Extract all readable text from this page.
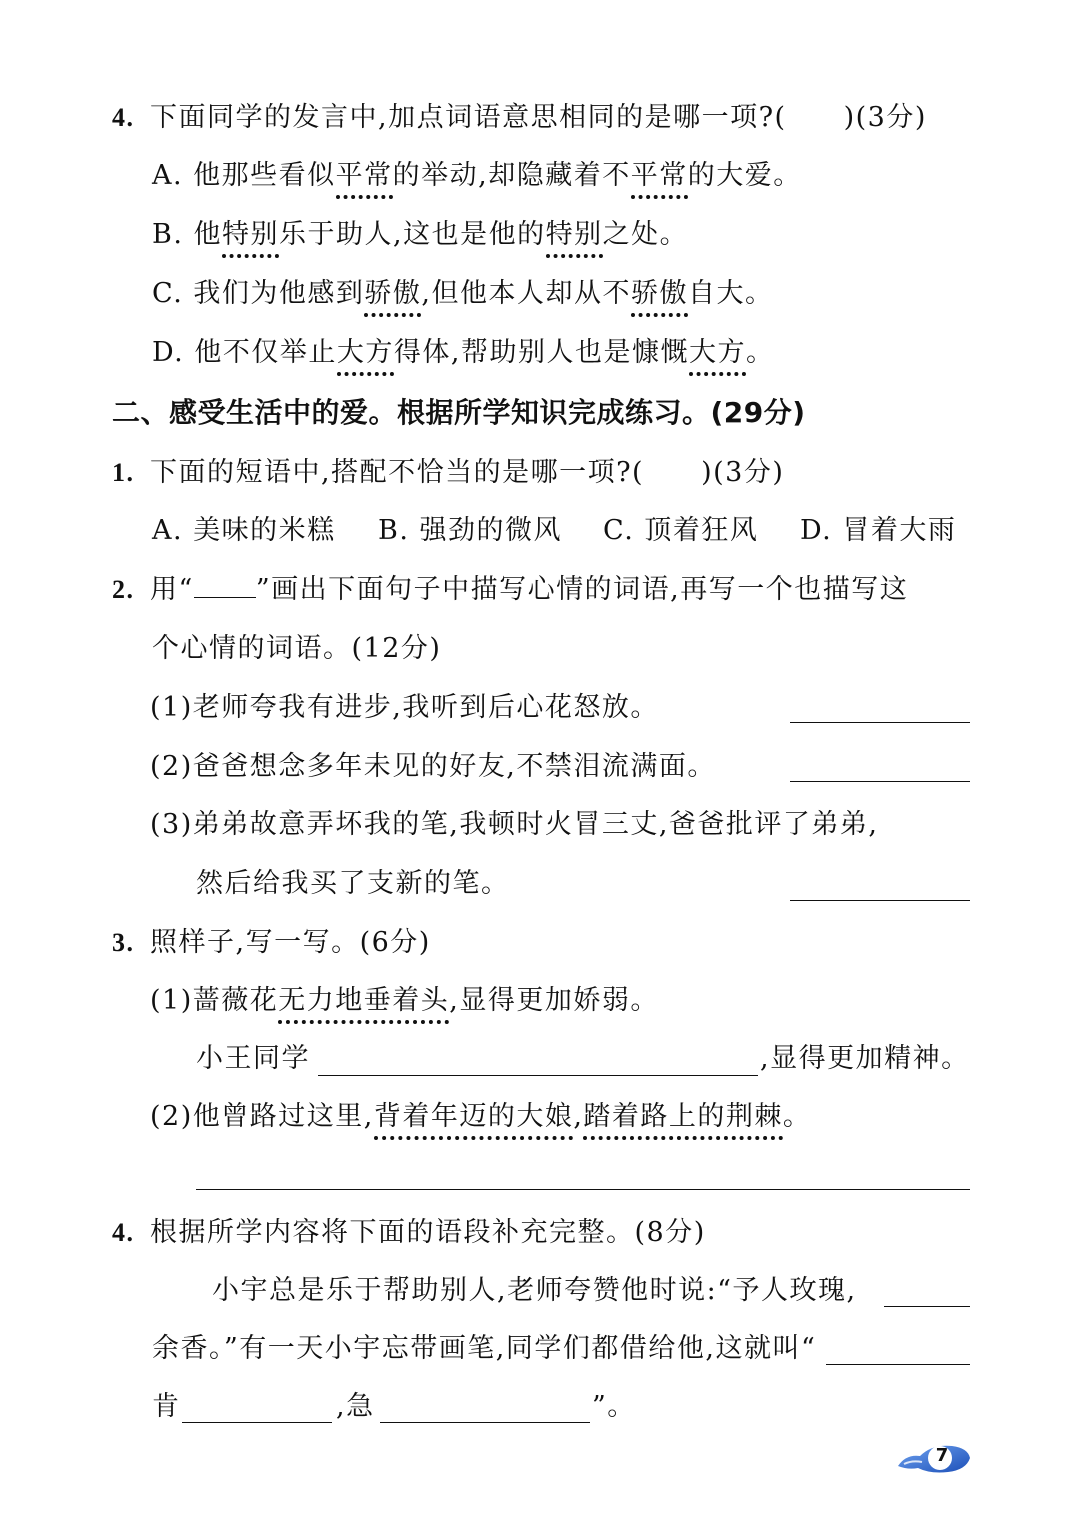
4. 下面同学的发言中,加点词语意思相同的是哪一项?(　　)(3分)
A. 他那些看似平常的举动,却隐藏着不平常的大爱。
B. 他特别乐于助人,这也是他的特别之处。
C. 我们为他感到骄傲,但他本人却从不骄傲自大。
D. 他不仅举止大方得体,帮助别人也是慷慨大方。
二、感受生活中的爱。根据所学知识完成练习。(29分)
1. 下面的短语中,搭配不恰当的是哪一项?(　　)(3分)
A. 美味的米糕 B. 强劲的微风 C. 顶着狂风 D. 冒着大雨
2. 用“ ”画出下面句子中描写心情的词语,再写一个也描写这
个心情的词语。(12分)
(1)老师夸我有进步,我听到后心花怒放。
(2)爸爸想念多年未见的好友,不禁泪流满面。
(3)弟弟故意弄坏我的笔,我顿时火冒三丈,爸爸批评了弟弟,
然后给我买了支新的笔。
3. 照样子,写一写。(6分)
(1)蔷薇花无力地垂着头,显得更加娇弱。
小王同学	,显得更加精神。
(2)他曾路过这里,背着年迈的大娘,踏着路上的荆棘。
4. 根据所学内容将下面的语段补充完整。(8分)
小宇总是乐于帮助别人,老师夸赞他时说:“予人玫瑰,
余香。”有一天小宇忘带画笔,同学们都借给他,这就叫“
肯	,急	”。
7
